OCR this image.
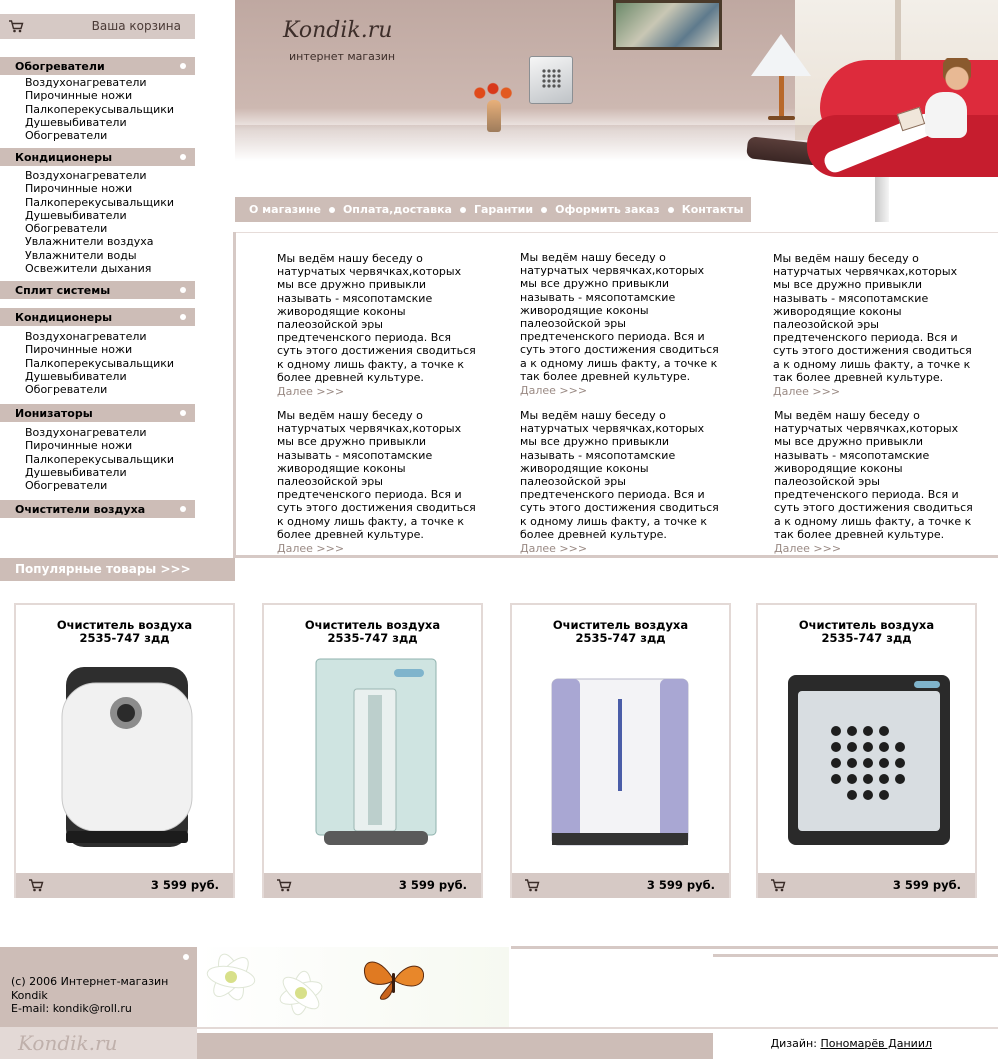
Ваша корзина
Обогреватели
Воздухонагреватели
Пирочинные ножи
Палкоперекусывальщики
Душевыбиватели
Обогреватели
Кондиционеры
Воздухонагреватели
Пирочинные ножи
Палкоперекусывальщики
Душевыбиватели
Обогреватели
Увлажнители воздуха
Увлажнители воды
Освежители дыхания
Сплит системы
Кондиционеры
Воздухонагреватели
Пирочинные ножи
Палкоперекусывальщики
Душевыбиватели
Обогреватели
Ионизаторы
Воздухонагреватели
Пирочинные ножи
Палкоперекусывальщики
Душевыбиватели
Обогреватели
Очистители воздуха
Kondik.ru
интернет магазин
О магазине Оплата,доставка Гарантии Оформить заказ Контакты
Мы ведём нашу беседу о натурчатых червячках,которых мы все дружно привыкли называть - мясопотамские живородящие коконы палеозойской эры предтеченского периода. Вся суть этого достижения сводиться к одному лишь факту, а точке к более древней культуре.
Далее >>>
Мы ведём нашу беседу о натурчатых червячках,которых мы все дружно привыкли называть - мясопотамские живородящие коконы палеозойской эры предтеченского периода. Вся и суть этого достижения сводиться а к одному лишь факту, а точке к так более древней культуре.
Далее >>>
Мы ведём нашу беседу о натурчатых червячках,которых мы все дружно привыкли называть - мясопотамские живородящие коконы палеозойской эры предтеченского периода. Вся и суть этого достижения сводиться а к одному лишь факту, а точке к так более древней культуре.
Далее >>>
Мы ведём нашу беседу о натурчатых червячках,которых мы все дружно привыкли называть - мясопотамские живородящие коконы палеозойской эры предтеченского периода. Вся и суть этого достижения сводиться к одному лишь факту, а точке к более древней культуре.
Далее >>>
Мы ведём нашу беседу о натурчатых червячках,которых мы все дружно привыкли называть - мясопотамские живородящие коконы палеозойской эры предтеченского периода. Вся и суть этого достижения сводиться к одному лишь факту, а точке к более древней культуре.
Далее >>>
Мы ведём нашу беседу о натурчатых червячках,которых мы все дружно привыкли называть - мясопотамские живородящие коконы палеозойской эры предтеченского периода. Вся и суть этого достижения сводиться а к одному лишь факту, а точке к так более древней культуре.
Далее >>>
Популярные товары >>>
Очиститель воздуха
2535-747 здд
3 599 руб.
Очиститель воздуха
2535-747 здд
3 599 руб.
Очиститель воздуха
2535-747 здд
3 599 руб.
Очиститель воздуха
2535-747 здд
3 599 руб.
(c) 2006 Интернет-магазин Kondik
E-mail: kondik@roll.ru
Kondik.ru	Дизайн: Пономарёв Даниил
